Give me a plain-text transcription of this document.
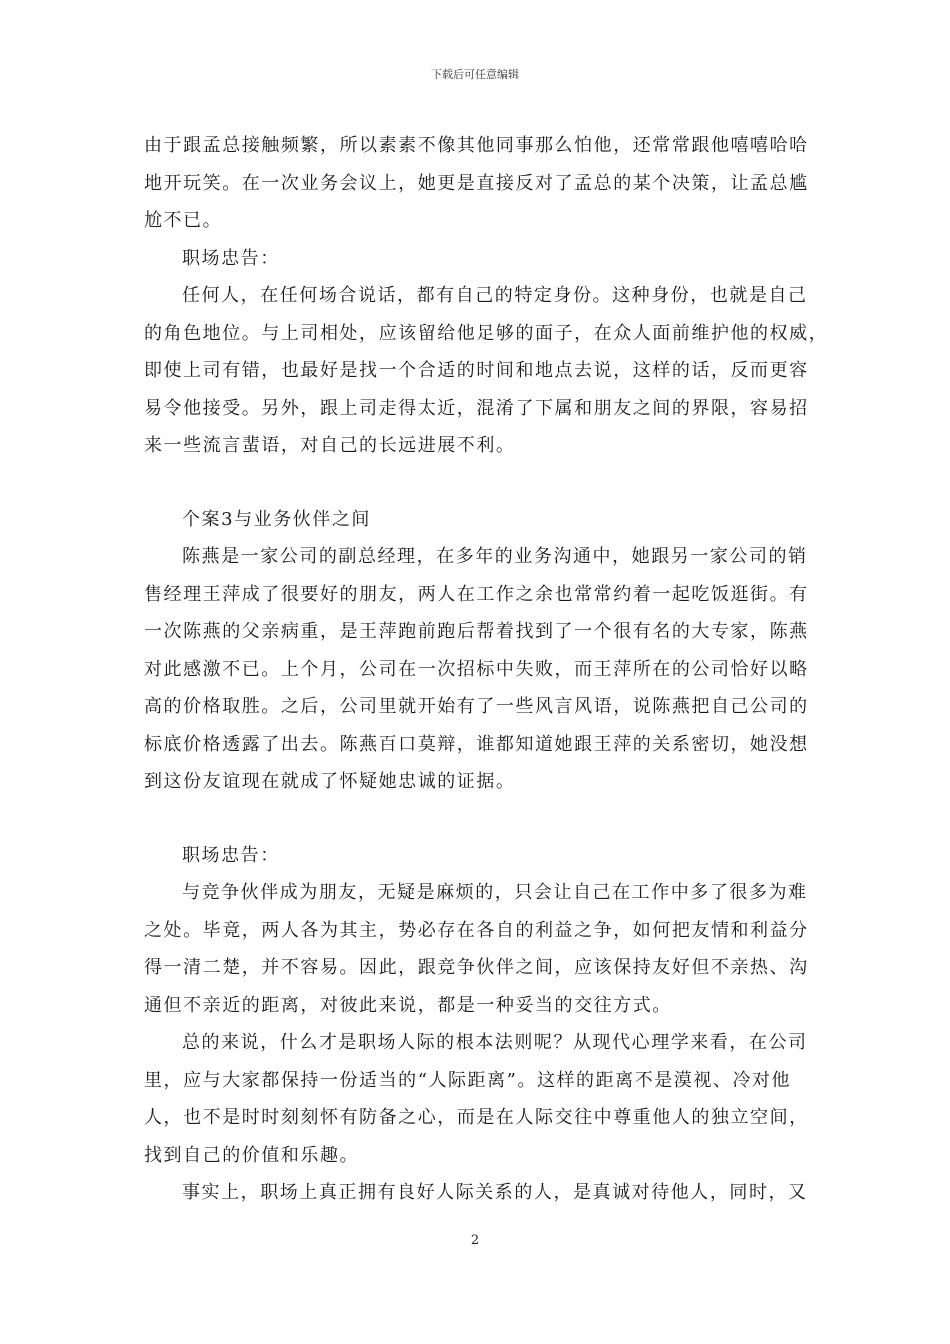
下载后可任意编辑
由于跟孟总接触频繁，所以素素不像其他同事那么怕他，还常常跟他嘻嘻哈哈
地开玩笑。在一次业务会议上，她更是直接反对了孟总的某个决策，让孟总尴
尬不已。
职场忠告：
任何人，在任何场合说话，都有自己的特定身份。这种身份，也就是自己
的角色地位。与上司相处，应该留给他足够的面子，在众人面前维护他的权威，
即使上司有错，也最好是找一个合适的时间和地点去说，这样的话，反而更容
易令他接受。另外，跟上司走得太近，混淆了下属和朋友之间的界限，容易招
来一些流言蜚语，对自己的长远进展不利。
个案3与业务伙伴之间
陈燕是一家公司的副总经理，在多年的业务沟通中，她跟另一家公司的销
售经理王萍成了很要好的朋友，两人在工作之余也常常约着一起吃饭逛街。有
一次陈燕的父亲病重，是王萍跑前跑后帮着找到了一个很有名的大专家，陈燕
对此感激不已。上个月，公司在一次招标中失败，而王萍所在的公司恰好以略
高的价格取胜。之后，公司里就开始有了一些风言风语，说陈燕把自己公司的
标底价格透露了出去。陈燕百口莫辩，谁都知道她跟王萍的关系密切，她没想
到这份友谊现在就成了怀疑她忠诚的证据。
职场忠告：
与竞争伙伴成为朋友，无疑是麻烦的，只会让自己在工作中多了很多为难
之处。毕竟，两人各为其主，势必存在各自的利益之争，如何把友情和利益分
得一清二楚，并不容易。因此，跟竞争伙伴之间，应该保持友好但不亲热、沟
通但不亲近的距离，对彼此来说，都是一种妥当的交往方式。
总的来说，什么才是职场人际的根本法则呢？从现代心理学来看，在公司
里，应与大家都保持一份适当的“人际距离”。这样的距离不是漠视、冷对他
人，也不是时时刻刻怀有防备之心，而是在人际交往中尊重他人的独立空间，
找到自己的价值和乐趣。
事实上，职场上真正拥有良好人际关系的人，是真诚对待他人，同时，又
2
